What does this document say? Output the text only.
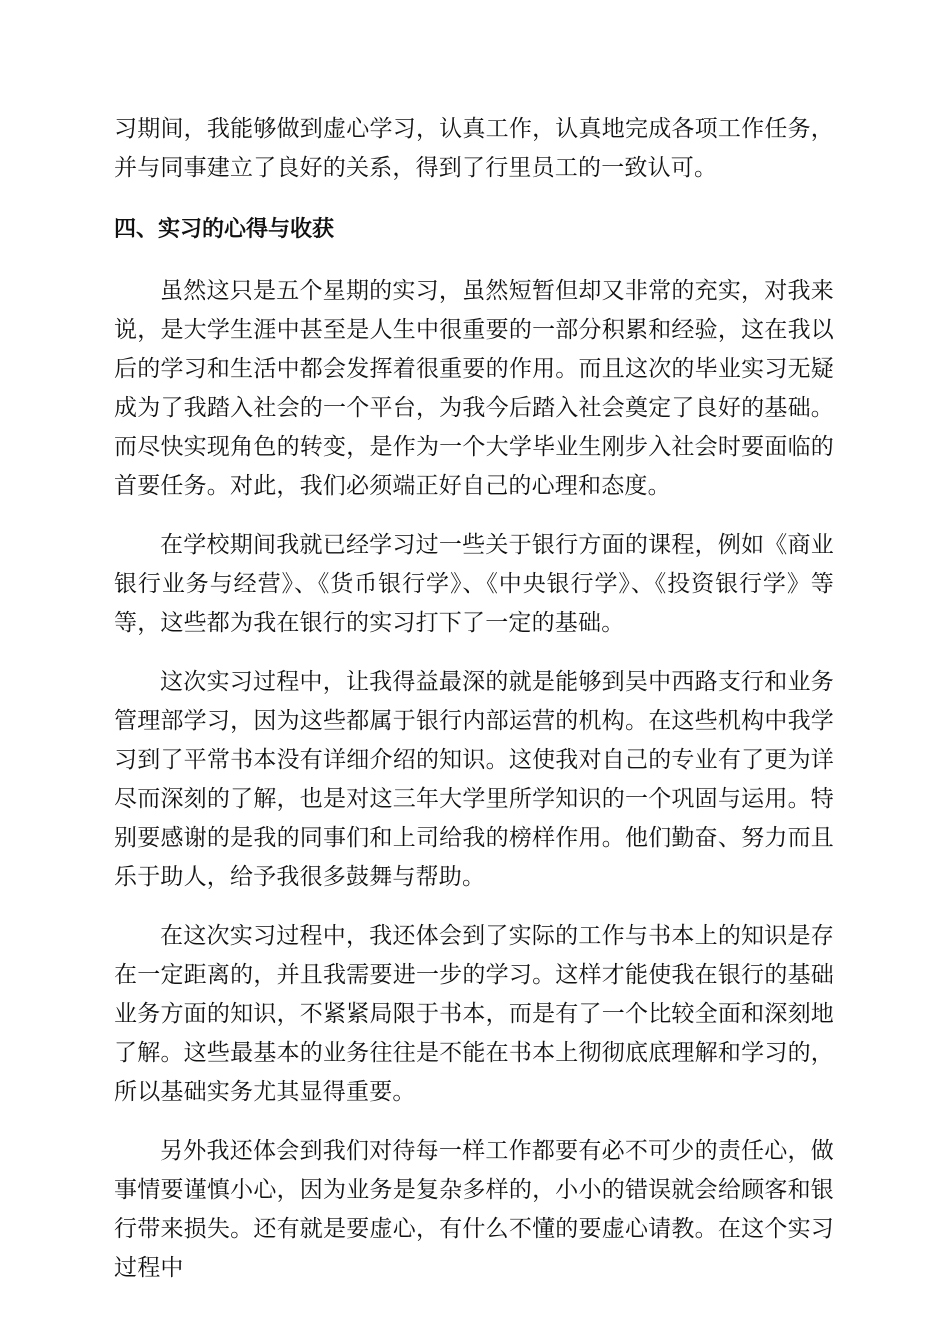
习期间，我能够做到虚心学习，认真工作，认真地完成各项工作任务，并与同事建立了良好的关系，得到了行里员工的一致认可。

四、实习的心得与收获

虽然这只是五个星期的实习，虽然短暂但却又非常的充实，对我来说，是大学生涯中甚至是人生中很重要的一部分积累和经验，这在我以后的学习和生活中都会发挥着很重要的作用。而且这次的毕业实习无疑成为了我踏入社会的一个平台，为我今后踏入社会奠定了良好的基础。而尽快实现角色的转变，是作为一个大学毕业生刚步入社会时要面临的首要任务。对此，我们必须端正好自己的心理和态度。

在学校期间我就已经学习过一些关于银行方面的课程，例如《商业银行业务与经营》、《货币银行学》、《中央银行学》、《投资银行学》等等，这些都为我在银行的实习打下了一定的基础。

这次实习过程中，让我得益最深的就是能够到吴中西路支行和业务管理部学习，因为这些都属于银行内部运营的机构。在这些机构中我学习到了平常书本没有详细介绍的知识。这使我对自己的专业有了更为详尽而深刻的了解，也是对这三年大学里所学知识的一个巩固与运用。特别要感谢的是我的同事们和上司给我的榜样作用。他们勤奋、努力而且乐于助人，给予我很多鼓舞与帮助。

在这次实习过程中，我还体会到了实际的工作与书本上的知识是存在一定距离的，并且我需要进一步的学习。这样才能使我在银行的基础业务方面的知识，不紧紧局限于书本，而是有了一个比较全面和深刻地了解。这些最基本的业务往往是不能在书本上彻彻底底理解和学习的，所以基础实务尤其显得重要。

另外我还体会到我们对待每一样工作都要有必不可少的责任心，做事情要谨慎小心，因为业务是复杂多样的，小小的错误就会给顾客和银行带来损失。还有就是要虚心，有什么不懂的要虚心请教。在这个实习过程中
